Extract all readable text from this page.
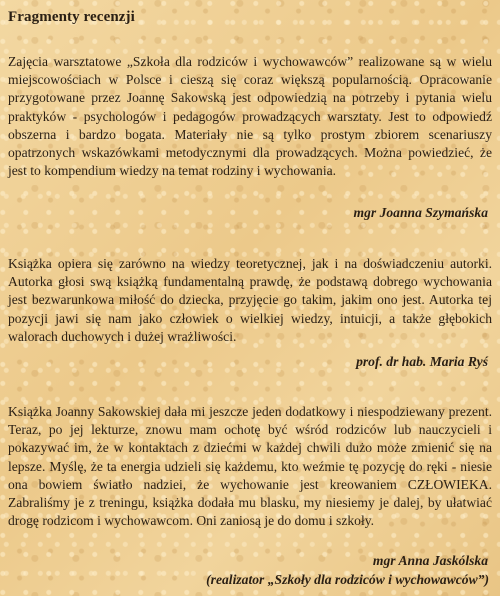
Fragmenty recenzji

Zajęcia warsztatowe „Szkoła dla rodziców i wychowawców” realizowane są w wielu miejscowościach w Polsce i cieszą się coraz większą popularnością. Opracowanie przygotowane przez Joannę Sakowską jest odpowiedzią na potrzeby i pytania wielu praktyków - psychologów i pedagogów prowadzących warsztaty. Jest to odpowiedź obszerna i bardzo bogata. Materiały nie są tylko prostym zbiorem scenariuszy opatrzonych wskazówkami metodycznymi dla prowadzących. Można powiedzieć, że jest to kompendium wiedzy na temat rodziny i wychowania.

mgr Joanna Szymańska

Książka opiera się zarówno na wiedzy teoretycznej, jak i na doświadczeniu autorki. Autorka głosi swą książką fundamentalną prawdę, że podstawą dobrego wychowania jest bezwarunkowa miłość do dziecka, przyjęcie go takim, jakim ono jest. Autorka tej pozycji jawi się nam jako człowiek o wielkiej wiedzy, intuicji, a także głębokich walorach duchowych i dużej wrażliwości.

prof. dr hab. Maria Ryś

Książka Joanny Sakowskiej dała mi jeszcze jeden dodatkowy i niespodziewany prezent. Teraz, po jej lekturze, znowu mam ochotę być wśród rodziców lub nauczycieli i pokazywać im, że w kontaktach z dziećmi w każdej chwili dużo może zmienić się na lepsze. Myślę, że ta energia udzieli się każdemu, kto weźmie tę pozycję do ręki - niesie ona bowiem światło nadziei, że wychowanie jest kreowaniem CZŁOWIEKA. Zabraliśmy je z treningu, książka dodała mu blasku, my niesiemy je dalej, by ułatwiać drogę rodzicom i wychowawcom. Oni zaniosą je do domu i szkoły.

mgr Anna Jaskólska
(realizator „Szkoły dla rodziców i wychowawców”)
